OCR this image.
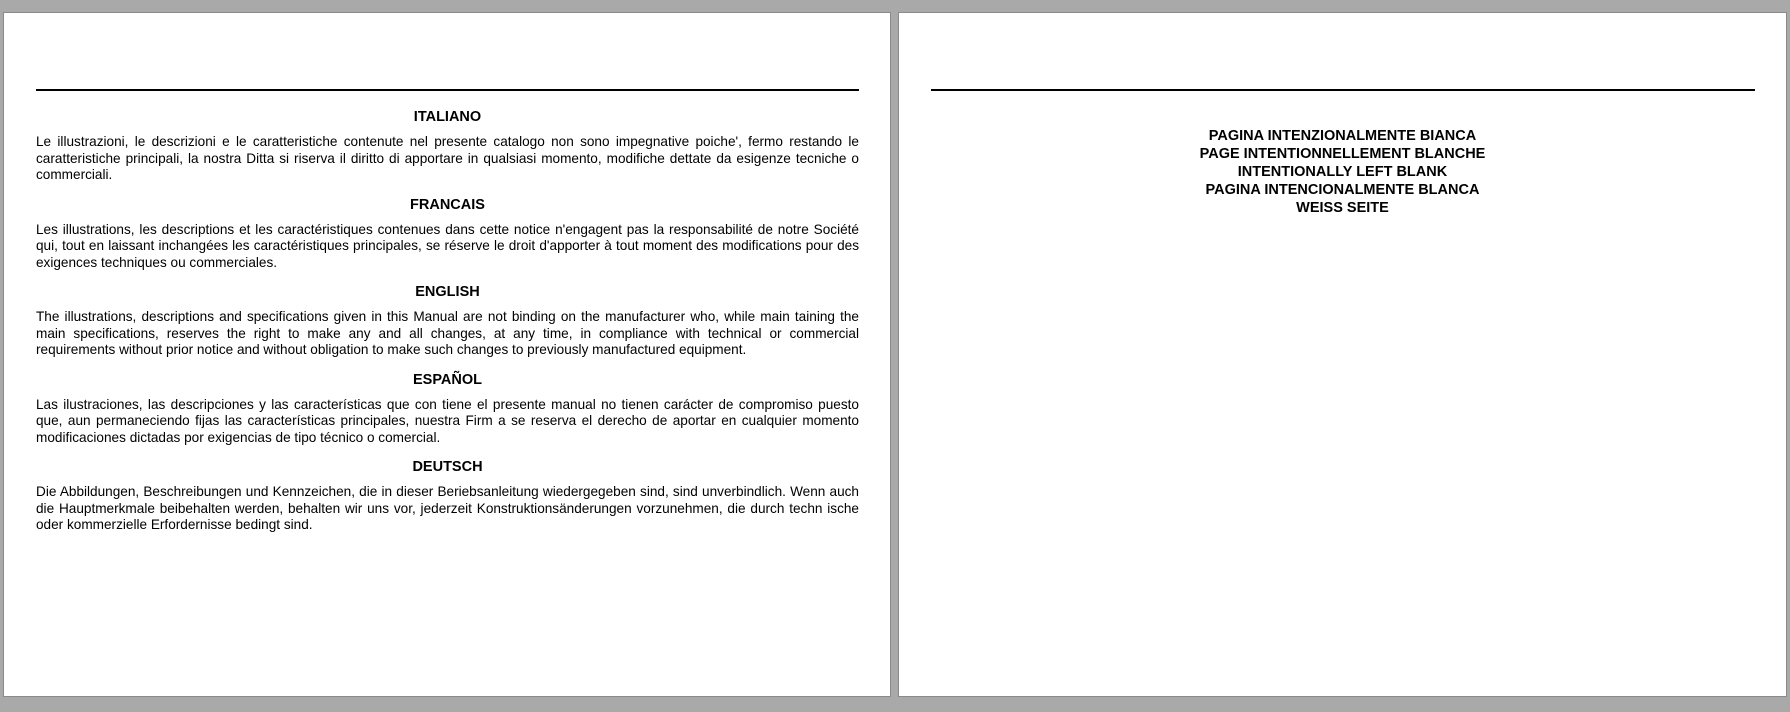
ITALIANO
Le illustrazioni, le descrizioni e le caratteristiche contenute nel presente catalogo non sono impegnative poiche', fermo restando le caratteristiche principali, la nostra Ditta si riserva il diritto di apportare in qualsiasi momento, modifiche dettate da esigenze tecniche o commerciali.
FRANCAIS
Les illustrations, les descriptions et les caractéristiques contenues dans cette notice n'engagent pas la responsabilité de notre Société qui, tout en laissant inchangées les caractéristiques principales, se réserve le droit d'apporter à tout moment des modifications pour des exigences techniques ou commerciales.
ENGLISH
The illustrations, descriptions and specifications given in this Manual are not binding on the manufacturer who, while main taining the main specifications, reserves the right to make any and all changes, at any time, in compliance with technical or commercial requirements without prior notice and without obligation to make such changes to previously manufactured equipment.
ESPAÑOL
Las ilustraciones, las descripciones y las características que con tiene el presente manual no tienen carácter de compromiso puesto que, aun permaneciendo fijas las características principales, nuestra Firm a se reserva el derecho de aportar en cualquier momento modificaciones dictadas por exigencias de tipo técnico o comercial.
DEUTSCH
Die Abbildungen, Beschreibungen und Kennzeichen, die in dieser Beriebsanleitung wiedergegeben sind, sind unverbindlich. Wenn auch die Hauptmerkmale beibehalten werden, behalten wir uns vor, jederzeit Konstruktionsänderungen vorzunehmen, die durch techn ische oder kommerzielle Erfordernisse bedingt sind.
PAGINA INTENZIONALMENTE BIANCA
PAGE INTENTIONNELLEMENT BLANCHE
INTENTIONALLY LEFT BLANK
PAGINA INTENCIONALMENTE BLANCA
WEISS SEITE
